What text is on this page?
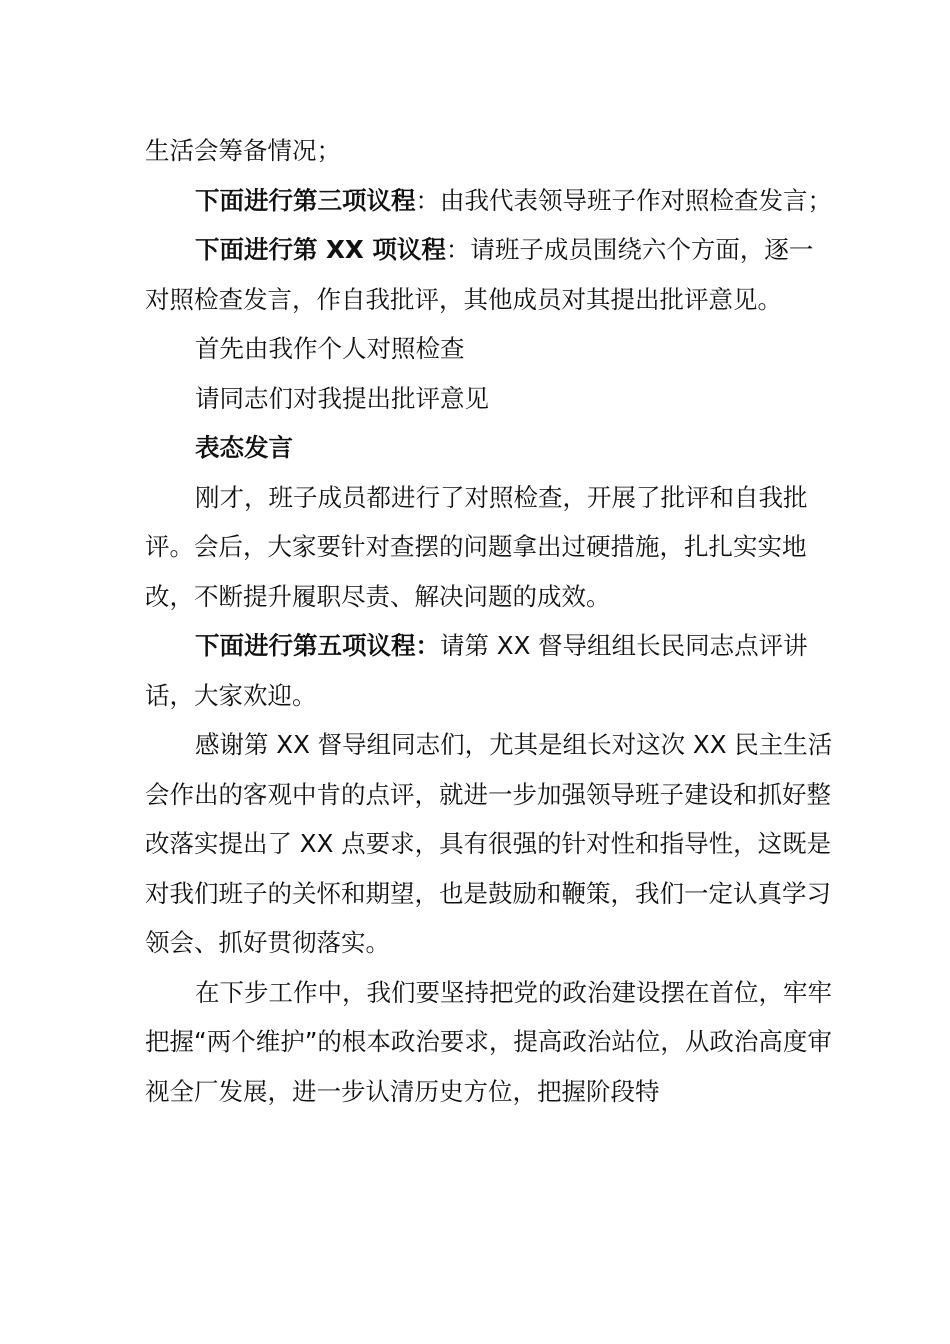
生活会筹备情况；

下面进行第三项议程：由我代表领导班子作对照检查发言；

下面进行第 XX 项议程：请班子成员围绕六个方面，逐一对照检查发言，作自我批评，其他成员对其提出批评意见。

首先由我作个人对照检查

请同志们对我提出批评意见

表态发言

刚才，班子成员都进行了对照检查，开展了批评和自我批评。会后，大家要针对查摆的问题拿出过硬措施，扎扎实实地改，不断提升履职尽责、解决问题的成效。

下面进行第五项议程：请第 XX 督导组组长民同志点评讲话，大家欢迎。

感谢第 XX 督导组同志们，尤其是组长对这次 XX 民主生活会作出的客观中肯的点评，就进一步加强领导班子建设和抓好整改落实提出了 XX 点要求，具有很强的针对性和指导性，这既是对我们班子的关怀和期望，也是鼓励和鞭策，我们一定认真学习领会、抓好贯彻落实。

在下步工作中，我们要坚持把党的政治建设摆在首位，牢牢把握“两个维护”的根本政治要求，提高政治站位，从政治高度审视全厂发展，进一步认清历史方位，把握阶段特
